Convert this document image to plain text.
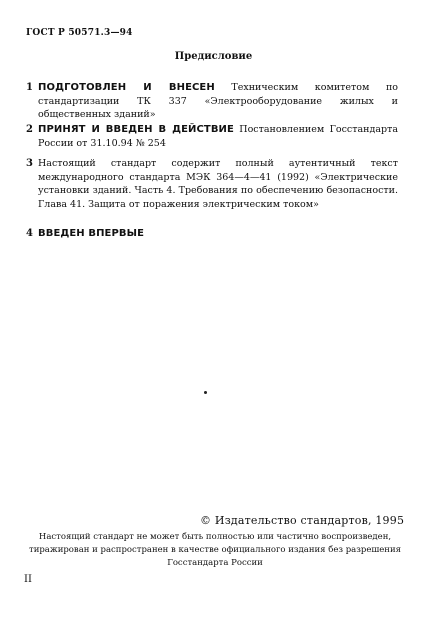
ГОСТ Р 50571.3—94
Предисловие
1 ПОДГОТОВЛЕН И ВНЕСЕН Техническим комитетом по стандартизации ТК 337 «Электрооборудование жилых и общественных зданий»
2 ПРИНЯТ И ВВЕДЕН В ДЕЙСТВИЕ Постановлением Госстандарта России от 31.10.94 № 254
3 Настоящий стандарт содержит полный аутентичный текст международного стандарта МЭК 364—4—41 (1992) «Электрические установки зданий. Часть 4. Требования по обеспечению безопасности. Глава 41. Защита от поражения электрическим током»
4 ВВЕДЕН ВПЕРВЫЕ
© Издательство стандартов, 1995
Настоящий стандарт не может быть полностью или частично воспроизведен, тиражирован и распространен в качестве официального издания без разрешения Госстандарта России
II
